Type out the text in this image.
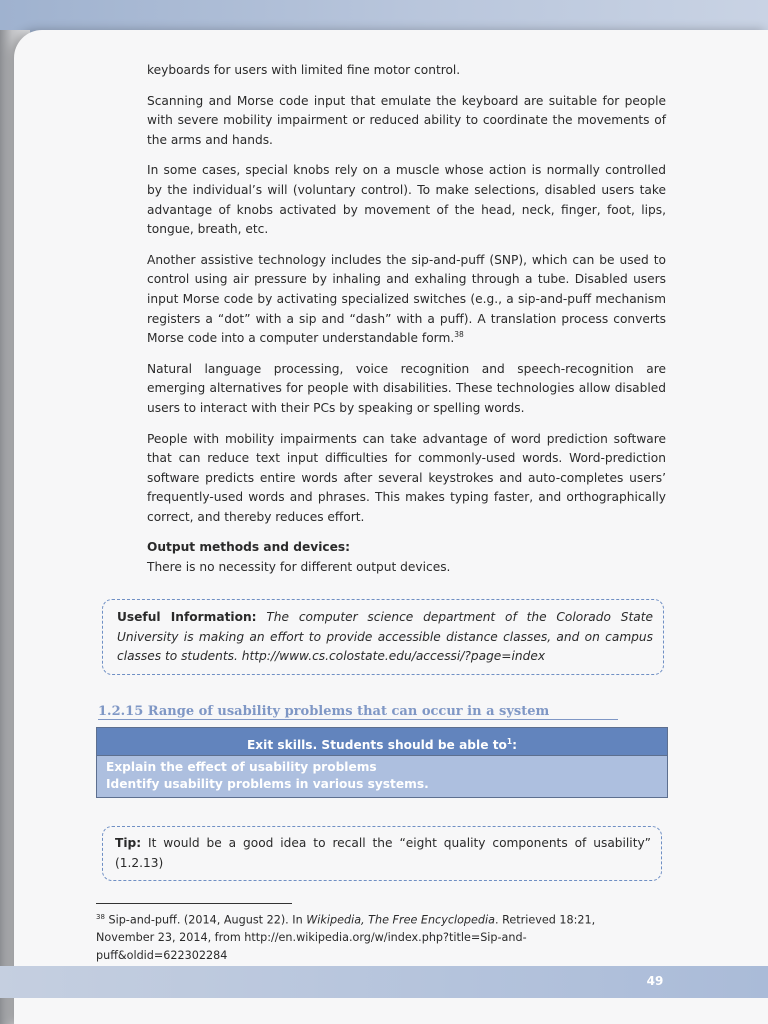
keyboards for users with limited fine motor control.

Scanning and Morse code input that emulate the keyboard are suitable for people with severe mobility impairment or reduced ability to coordinate the movements of the arms and hands.

In some cases, special knobs rely on a muscle whose action is normally controlled by the individual’s will (voluntary control). To make selections, disabled users take advantage of knobs activated by movement of the head, neck, finger, foot, lips, tongue, breath, etc.

Another assistive technology includes the sip-and-puff (SNP), which can be used to control using air pressure by inhaling and exhaling through a tube. Disabled users input Morse code by activating specialized switches (e.g., a sip-and-puff mechanism registers a “dot” with a sip and “dash” with a puff). A translation process converts Morse code into a computer understandable form.$^{38}$

Natural language processing, voice recognition and speech-recognition are emerging alternatives for people with disabilities. These technologies allow disabled users to interact with their PCs by speaking or spelling words.

People with mobility impairments can take advantage of word prediction software that can reduce text input difficulties for commonly-used words. Word-prediction software predicts entire words after several keystrokes and auto-completes users’ frequently-used words and phrases. This makes typing faster, and orthographically correct, and thereby reduces effort.

Output methods and devices:

There is no necessity for different output devices.

Useful Information: The computer science department of the Colorado State University is making an effort to provide accessible distance classes, and on campus classes to students. http://www.cs.colostate.edu/accessi/?page=index
1.2.15 Range of usability problems that can occur in a system
Exit skills. Students should be able $to^1$:
Explain the effect of usability problems
Identify usability problems in various systems.
Tip: It would be a good idea to recall the “eight quality components of usability” (1.2.13)
$^{38}$ Sip-and-puff. (2014, August 22). In Wikipedia, The Free Encyclopedia. Retrieved 18:21, November 23, 2014, from http://en.wikipedia.org/w/index.php?title=Sip-and-puff&oldid=622302284
49
